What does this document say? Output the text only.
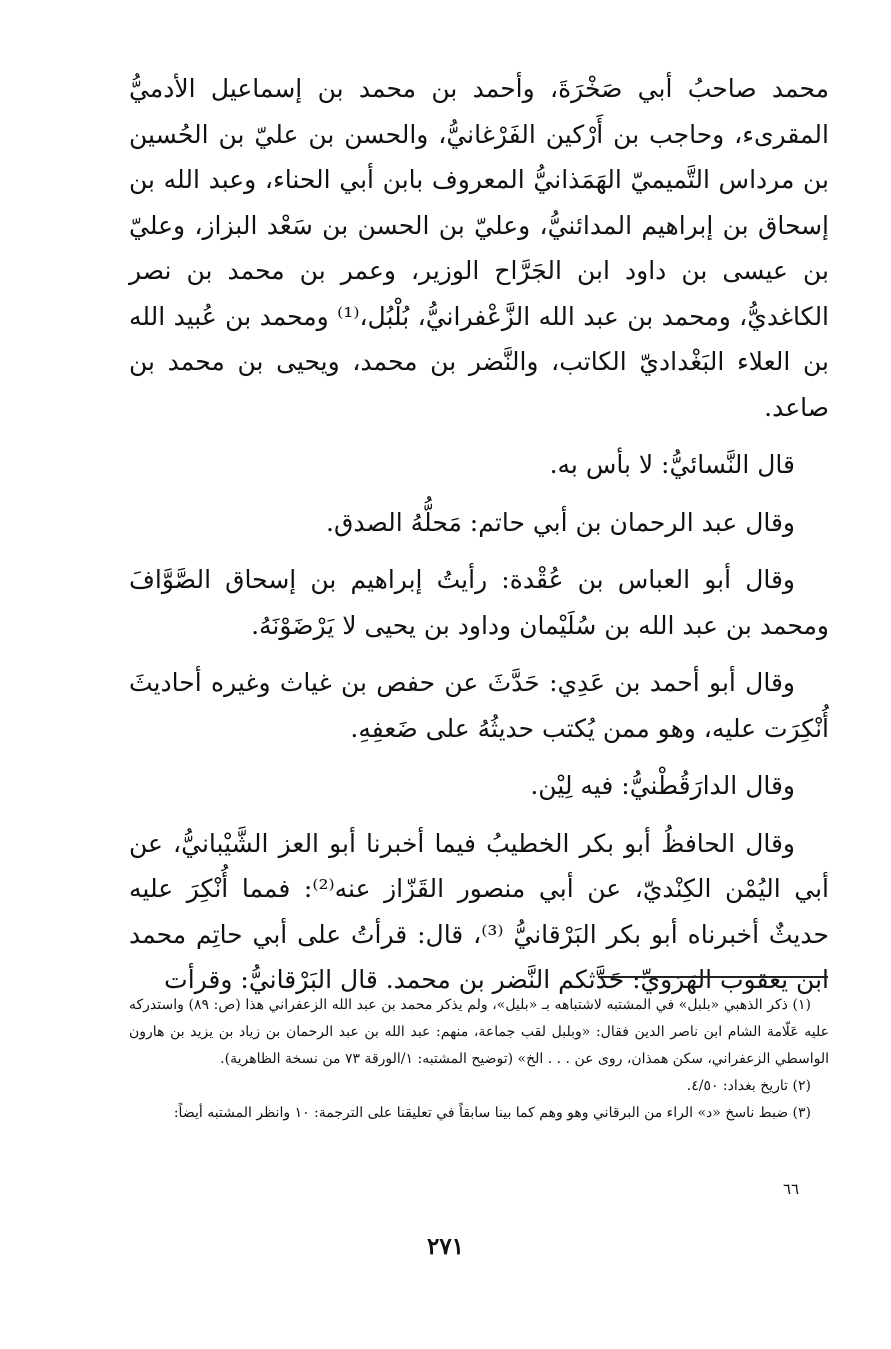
محمد صاحبُ أبي صَخْرَةَ، وأحمد بن محمد بن إسماعيل الأدميُّ المقرىء، وحاجب بن أَرْكين الفَرْغانيُّ، والحسن بن عليّ بن الحُسين بن مرداس التَّميميّ الهَمَذانيُّ المعروف بابن أبي الحناء، وعبد الله بن إسحاق بن إبراهيم المدائنيُّ، وعليّ بن الحسن بن سَعْد البزاز، وعليّ بن عيسى بن داود ابن الجَرَّاح الوزير، وعمر بن محمد بن نصر الكاغديُّ، ومحمد بن عبد الله الزَّعْفرانيُّ، بُلْبُل،⁽¹⁾ ومحمد بن عُبيد الله بن العلاء البَغْداديّ الكاتب، والنَّضر بن محمد، ويحيى بن محمد بن صاعد.

قال النَّسائيُّ: لا بأس به.

وقال عبد الرحمان بن أبي حاتم: مَحلُّهُ الصدق.

وقال أبو العباس بن عُقْدة: رأيتُ إبراهيم بن إسحاق الصَّوَّافَ ومحمد بن عبد الله بن سُلَيْمان وداود بن يحيى لا يَرْضَوْنَهُ.

وقال أبو أحمد بن عَدِي: حَدَّثَ عن حفص بن غياث وغيره أحاديثَ أُنْكِرَت عليه، وهو ممن يُكتب حديثُهُ على ضَعفِهِ.

وقال الدارَقُطْنيُّ: فيه لِيْن.

وقال الحافظُ أبو بكر الخطيبُ فيما أخبرنا أبو العز الشَّيْبانيُّ، عن أبي اليُمْن الكِنْديّ، عن أبي منصور القَزّاز عنه⁽²⁾: فمما أُنْكِرَ عليه حديثٌ أخبرناه أبو بكر البَرْقانيُّ ⁽³⁾، قال: قرأتُ على أبي حاتِم محمد ابن يعقوب الهَرَويِّ: حَدَّثكم النَّضر بن محمد. قال البَرْقانيُّ: وقرأت

(١) ذكر الذهبي «بلبل» في المشتبه لاشتباهه بـ «بليل»، ولم يذكر محمد بن عبد الله الزعفراني هذا (ص: ٨٩) واستدركه عليه عَلّامة الشام ابن ناصر الدين فقال: «وبلبل لقب جماعة، منهم: عبد الله بن عبد الرحمان بن زياد بن يزيد بن هارون الواسطي الزعفراني، سكن همذان، روى عن . . . الخ» (توضيح المشتبه: ١/الورقة ٧٣ من نسخة الظاهرية).

(٢) تاريخ بغداد: ٤/٥٠.

(٣) ضبط ناسخ «د» الراء من البرقاني وهو وهم كما بينا سابقاً في تعليقنا على الترجمة: ١٠ وانظر المشتبه أيضاً:

٦٦
٢٧١
